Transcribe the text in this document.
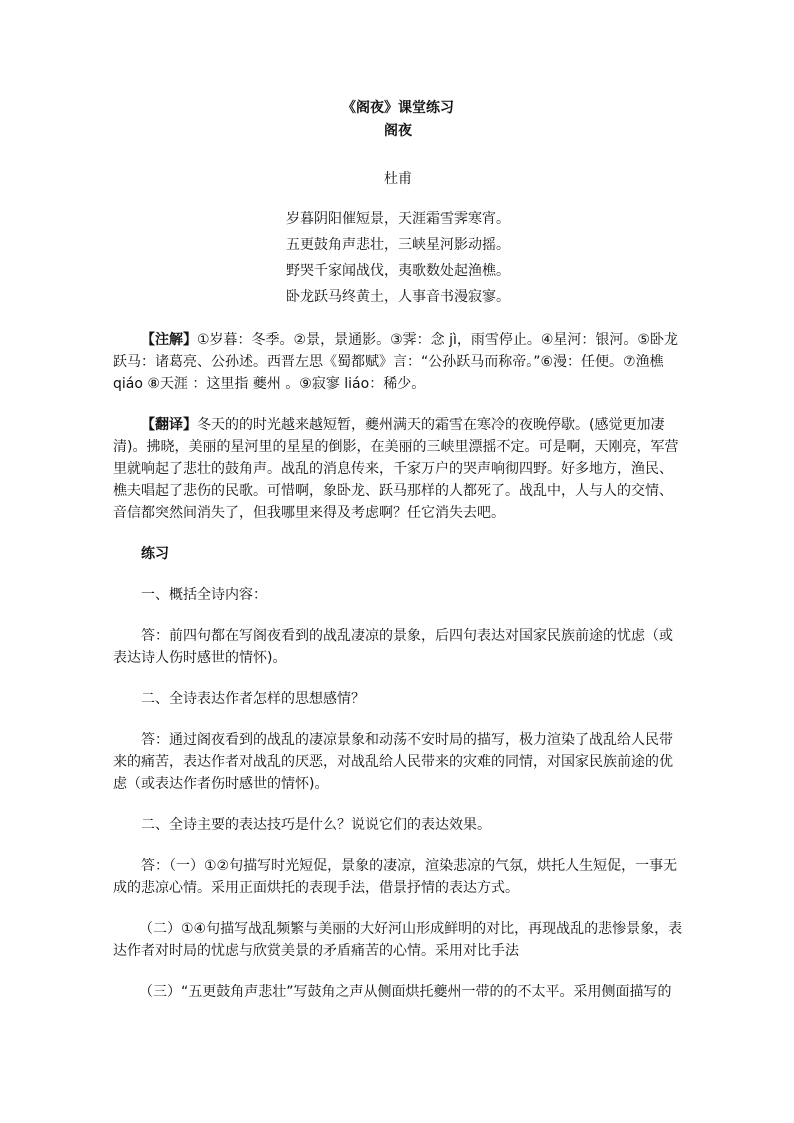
《阁夜》课堂练习
阁夜
杜甫
岁暮阴阳催短景，天涯霜雪霁寒宵。
五更鼓角声悲壮，三峡星河影动摇。
野哭千家闻战伐，夷歌数处起渔樵。
卧龙跃马终黄土，人事音书漫寂寥。
【注解】①岁暮：冬季。②景，景通影。③霁：念 jì，雨雪停止。④星河：银河。⑤卧龙跃马：诸葛亮、公孙述。西晋左思《蜀都赋》言：“公孙跃马而称帝。”⑥漫：任便。⑦渔樵 qiáo ⑧天涯 ：这里指 夔州 。⑨寂寥 liáo：稀少。
【翻译】冬天的的时光越来越短暂，夔州满天的霜雪在寒冷的夜晚停歇。(感觉更加凄清)。拂晓，美丽的星河里的星星的倒影，在美丽的三峡里漂摇不定。可是啊，天刚亮，军营里就响起了悲壮的鼓角声。战乱的消息传来，千家万户的哭声响彻四野。好多地方，渔民、樵夫唱起了悲伤的民歌。可惜啊，象卧龙、跃马那样的人都死了。战乱中，人与人的交情、音信都突然间消失了，但我哪里来得及考虑啊？任它消失去吧。
练习
一、概括全诗内容：
答：前四句都在写阁夜看到的战乱凄凉的景象，后四句表达对国家民族前途的忧虑（或表达诗人伤时感世的情怀)。
二、全诗表达作者怎样的思想感情？
答：通过阁夜看到的战乱的凄凉景象和动荡不安时局的描写，极力渲染了战乱给人民带来的痛苦，表达作者对战乱的厌恶，对战乱给人民带来的灾难的同情，对国家民族前途的优虑（或表达作者伤时感世的情怀)。
二、全诗主要的表达技巧是什么？说说它们的表达效果。
答：（一）①②句描写时光短促，景象的凄凉，渲染悲凉的气氛，烘托人生短促，一事无成的悲凉心情。采用正面烘托的表现手法，借景抒情的表达方式。
（二）①④句描写战乱频繁与美丽的大好河山形成鲜明的对比，再现战乱的悲惨景象，表达作者对时局的忧虑与欣赏美景的矛盾痛苦的心情。采用对比手法
（三）“五更鼓角声悲壮”写鼓角之声从侧面烘托夔州一带的的不太平。采用侧面描写的
